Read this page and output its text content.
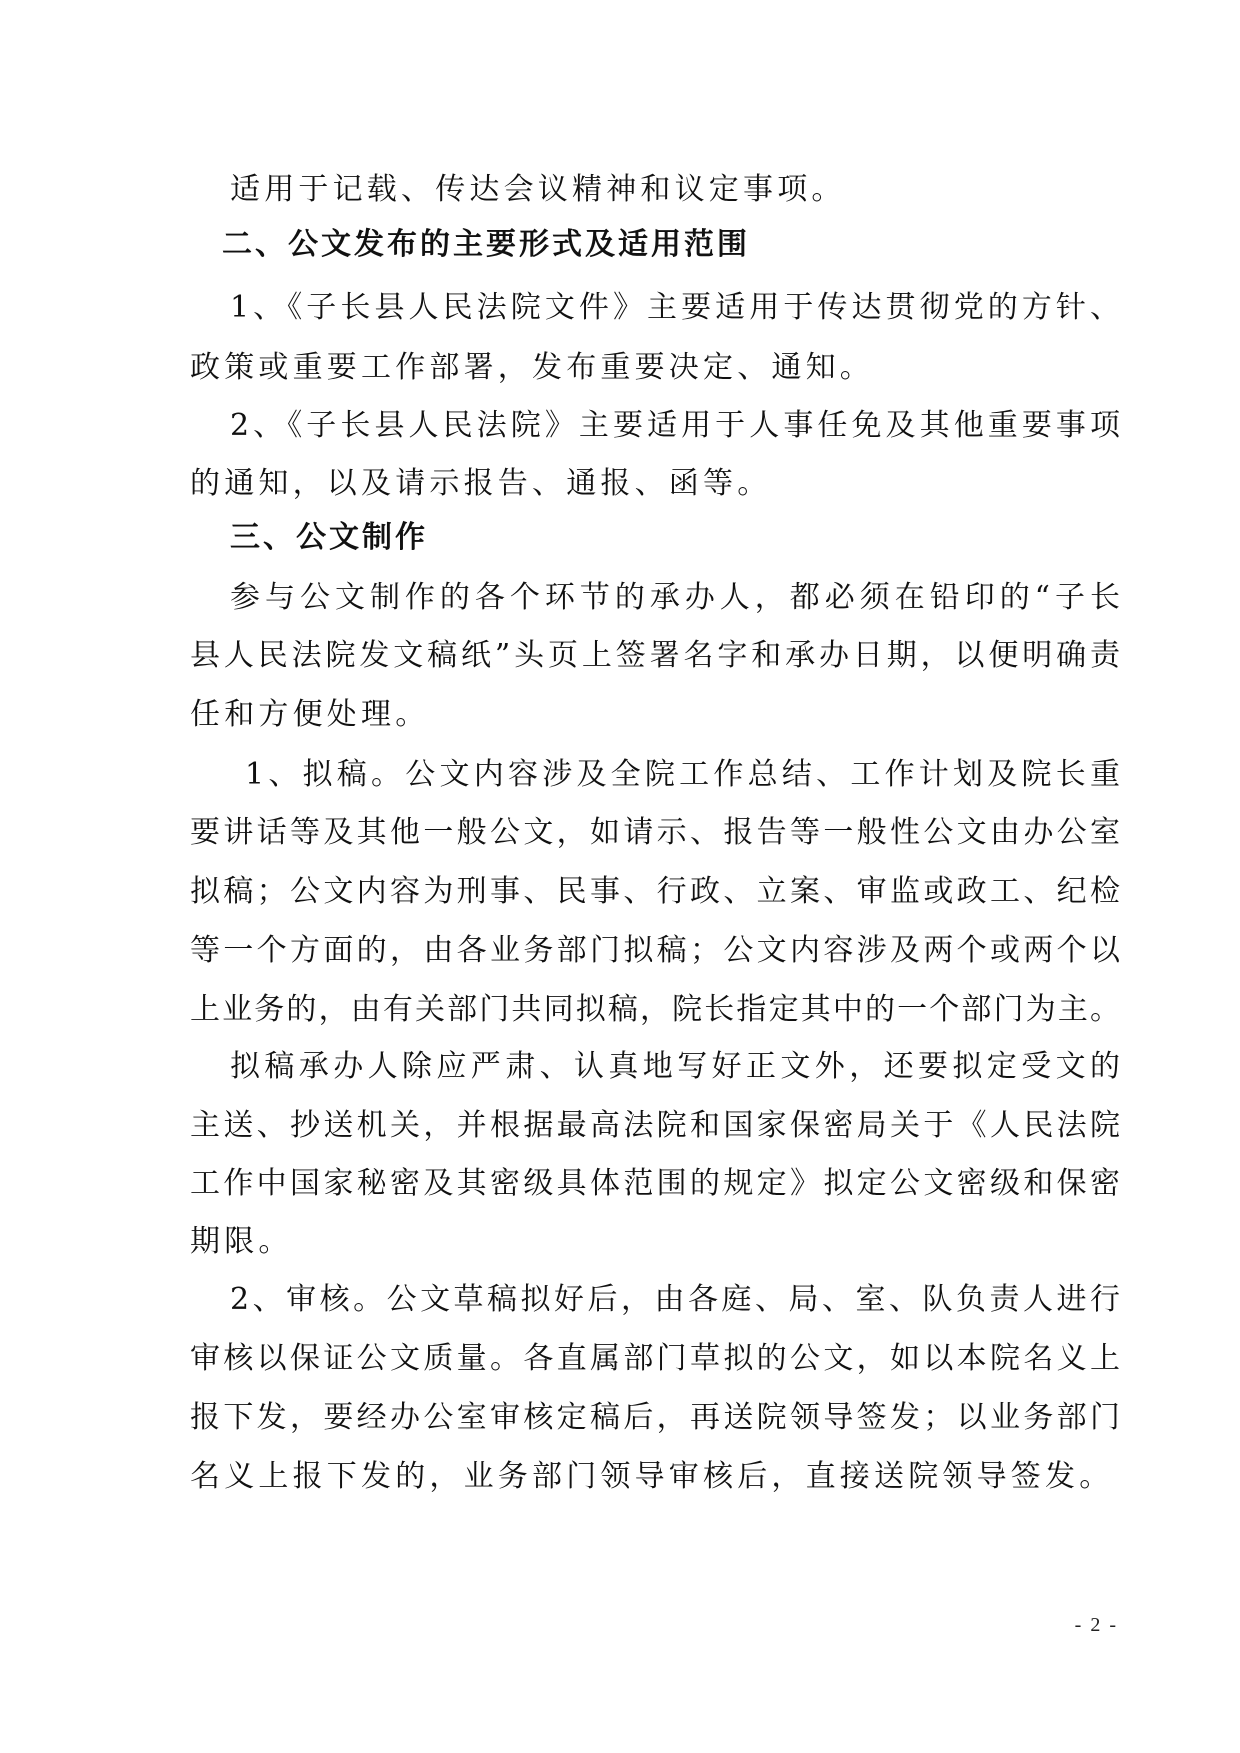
适用于记载、传达会议精神和议定事项。
二、公文发布的主要形式及适用范围
1、《子长县人民法院文件》主要适用于传达贯彻党的方针、
政策或重要工作部署，发布重要决定、通知。
2、《子长县人民法院》主要适用于人事任免及其他重要事项
的通知，以及请示报告、通报、函等。
三、公文制作
参与公文制作的各个环节的承办人，都必须在铅印的“子长
县人民法院发文稿纸”头页上签署名字和承办日期，以便明确责
任和方便处理。
1、拟稿。公文内容涉及全院工作总结、工作计划及院长重
要讲话等及其他一般公文，如请示、报告等一般性公文由办公室
拟稿；公文内容为刑事、民事、行政、立案、审监或政工、纪检
等一个方面的，由各业务部门拟稿；公文内容涉及两个或两个以
上业务的，由有关部门共同拟稿，院长指定其中的一个部门为主。
拟稿承办人除应严肃、认真地写好正文外，还要拟定受文的
主送、抄送机关，并根据最高法院和国家保密局关于《人民法院
工作中国家秘密及其密级具体范围的规定》拟定公文密级和保密
期限。
2、审核。公文草稿拟好后，由各庭、局、室、队负责人进行
审核以保证公文质量。各直属部门草拟的公文，如以本院名义上
报下发，要经办公室审核定稿后，再送院领导签发；以业务部门
名义上报下发的，业务部门领导审核后，直接送院领导签发。
- 2 -
